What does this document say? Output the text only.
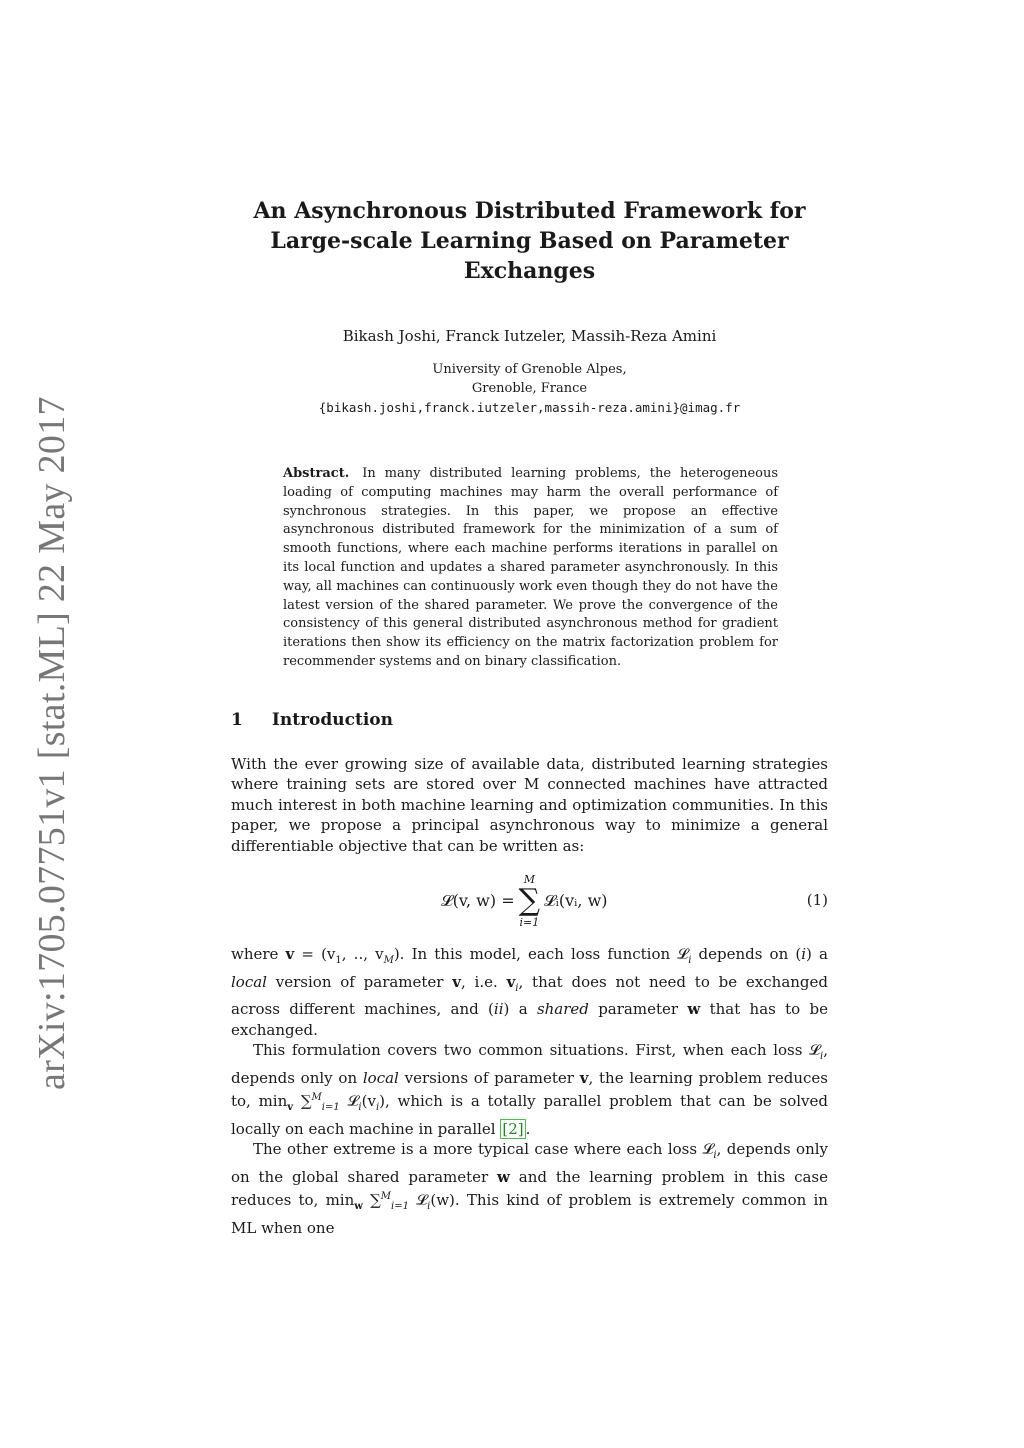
arXiv:1705.07751v1 [stat.ML] 22 May 2017
An Asynchronous Distributed Framework for Large-scale Learning Based on Parameter Exchanges
Bikash Joshi, Franck Iutzeler, Massih-Reza Amini
University of Grenoble Alpes,
Grenoble, France
{bikash.joshi,franck.iutzeler,massih-reza.amini}@imag.fr
Abstract. In many distributed learning problems, the heterogeneous loading of computing machines may harm the overall performance of synchronous strategies. In this paper, we propose an effective asynchronous distributed framework for the minimization of a sum of smooth functions, where each machine performs iterations in parallel on its local function and updates a shared parameter asynchronously. In this way, all machines can continuously work even though they do not have the latest version of the shared parameter. We prove the convergence of the consistency of this general distributed asynchronous method for gradient iterations then show its efficiency on the matrix factorization problem for recommender systems and on binary classification.
1 Introduction

With the ever growing size of available data, distributed learning strategies where training sets are stored over M connected machines have attracted much interest in both machine learning and optimization communities. In this paper, we propose a principal asynchronous way to minimize a general differentiable objective that can be written as:

𝓛(v, w) =
M
∑
i=1
𝓛ᵢ(vᵢ, w)	(1)

where $v = (v_1$, .., $v_M$). In this model, each loss function 𝓛$_i$ depends on (i) a local version of parameter v, i.e. $v_i$, that does not need to be exchanged across different machines, and (ii) a shared parameter w that has to be exchanged.

This formulation covers two common situations. First, when each loss 𝓛$_i$, depends only on local versions of parameter v, the learning problem reduces to, $\min_v \sum^M_{i=1}$ $𝓛_i(v_i)$, which is a totally parallel problem that can be solved locally on each machine in parallel [2] .

The other extreme is a more typical case where each loss 𝓛$_i$, depends only on the global shared parameter w and the learning problem in this case reduces to, $\min_w \sum^M_{i=1}$ 𝓛$_i$(w). This kind of problem is extremely common in ML when one
